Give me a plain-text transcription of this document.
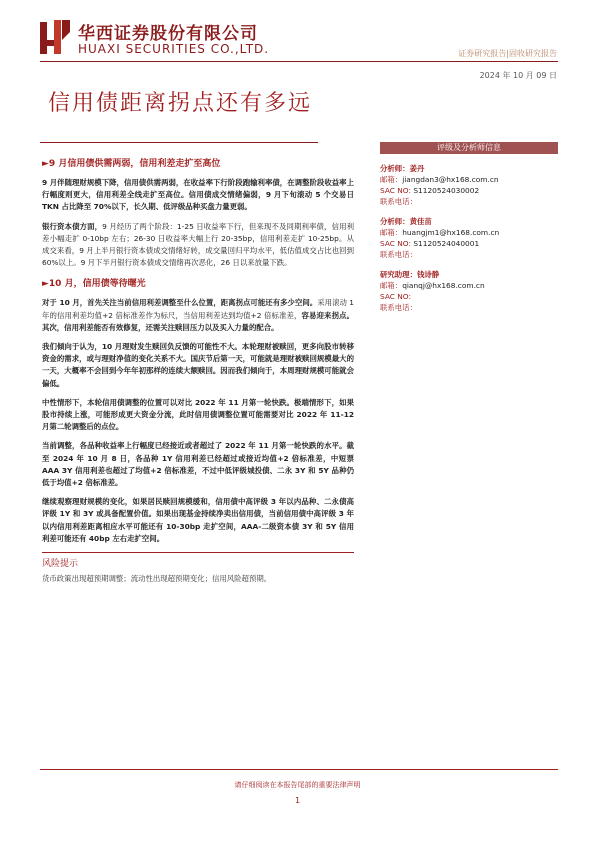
华西证券股份有限公司
HUAXI SECURITIES CO.,LTD.	证券研究报告|固收研究报告
2024 年 10 月 09 日
信用债距离拐点还有多远
►9 月信用债供需两弱，信用利差走扩至高位

9 月伴随理财规模下降，信用债供需两弱，在收益率下行阶段跑输利率债，在调整阶段收益率上行幅度则更大，信用利差全线走扩至高位。信用债成交情绪偏弱，9 月下旬滚动 5 个交易日 TKN 占比降至 70%以下，长久期、低评级品种买盘力量更弱。

银行资本债方面，9 月经历了两个阶段：1-25 日收益率下行，但来现不及同期利率债，信用利差小幅走扩 0-10bp 左右；26-30 日收益率大幅上行 20-35bp，信用利差走扩 10-25bp。从成交来看，9 月上半月银行资本债成交情绪好转，成交量回归平均水平，低估值成交占比也回到 60%以上。9 月下半月银行资本债成交情绪再次恶化，26 日以来放量下跌。

►10 月，信用债等待曙光

对于 10 月，首先关注当前信用利差调整至什么位置，距离拐点可能还有多少空间。采用滚动 1 年的信用利差均值+2 倍标准差作为标尺，当信用利差达到均值+2 倍标准差，容易迎来拐点。其次，信用利差能否有效修复，还需关注赎回压力以及买入力量的配合。

我们倾向于认为，10 月理财发生赎回负反馈的可能性不大。本轮理财被赎回，更多向股市转移资金的需求，或与理财净值的变化关系不大。国庆节后第一天，可能就是理财被赎回规模最大的一天，大概率不会回到今年年初那样的连续大额赎回。因而我们倾向于，本周理财规模可能就会偏低。

中性情形下，本轮信用债调整的位置可以对比 2022 年 11 月第一轮快跌。极端情形下，如果股市持续上涨，可能形成更大资金分流，此时信用债调整位置可能需要对比 2022 年 11-12 月第二轮调整后的点位。

当前调整，各品种收益率上行幅度已经接近或者超过了 2022 年 11 月第一轮快跌的水平。截至 2024 年 10 月 8 日，各品种 1Y 信用利差已经超过或接近均值+2 倍标准差，中短票 AAA 3Y 信用利差也超过了均值+2 倍标准差，不过中低评级城投债、二永 3Y 和 5Y 品种仍低于均值+2 倍标准差。

继续观察理财规模的变化，如果居民赎回规模缓和，信用债中高评级 3 年以内品种、二永债高评级 1Y 和 3Y 或具备配置价值。如果出现基金持续净卖出信用债，当前信用债中高评级 3 年以内信用利差距离相应水平可能还有 10-30bp 走扩空间，AAA-二级资本债 3Y 和 5Y 信用利差可能还有 40bp 左右走扩空间。

风险提示
货币政策出现超预期调整；流动性出现超预期变化；信用风险超预期。
评级及分析师信息
分析师：姜丹
邮箱：jiangdan3@hx168.com.cn
SAC NO: S1120524030002
联系电话：
分析师：黄佳苗
邮箱：huangjm1@hx168.com.cn
SAC NO: S1120524040001
联系电话：
研究助理：钱诗静
邮箱：qianqj@hx168.com.cn
SAC NO:
联系电话：
请仔细阅读在本报告尾部的重要法律声明
1
